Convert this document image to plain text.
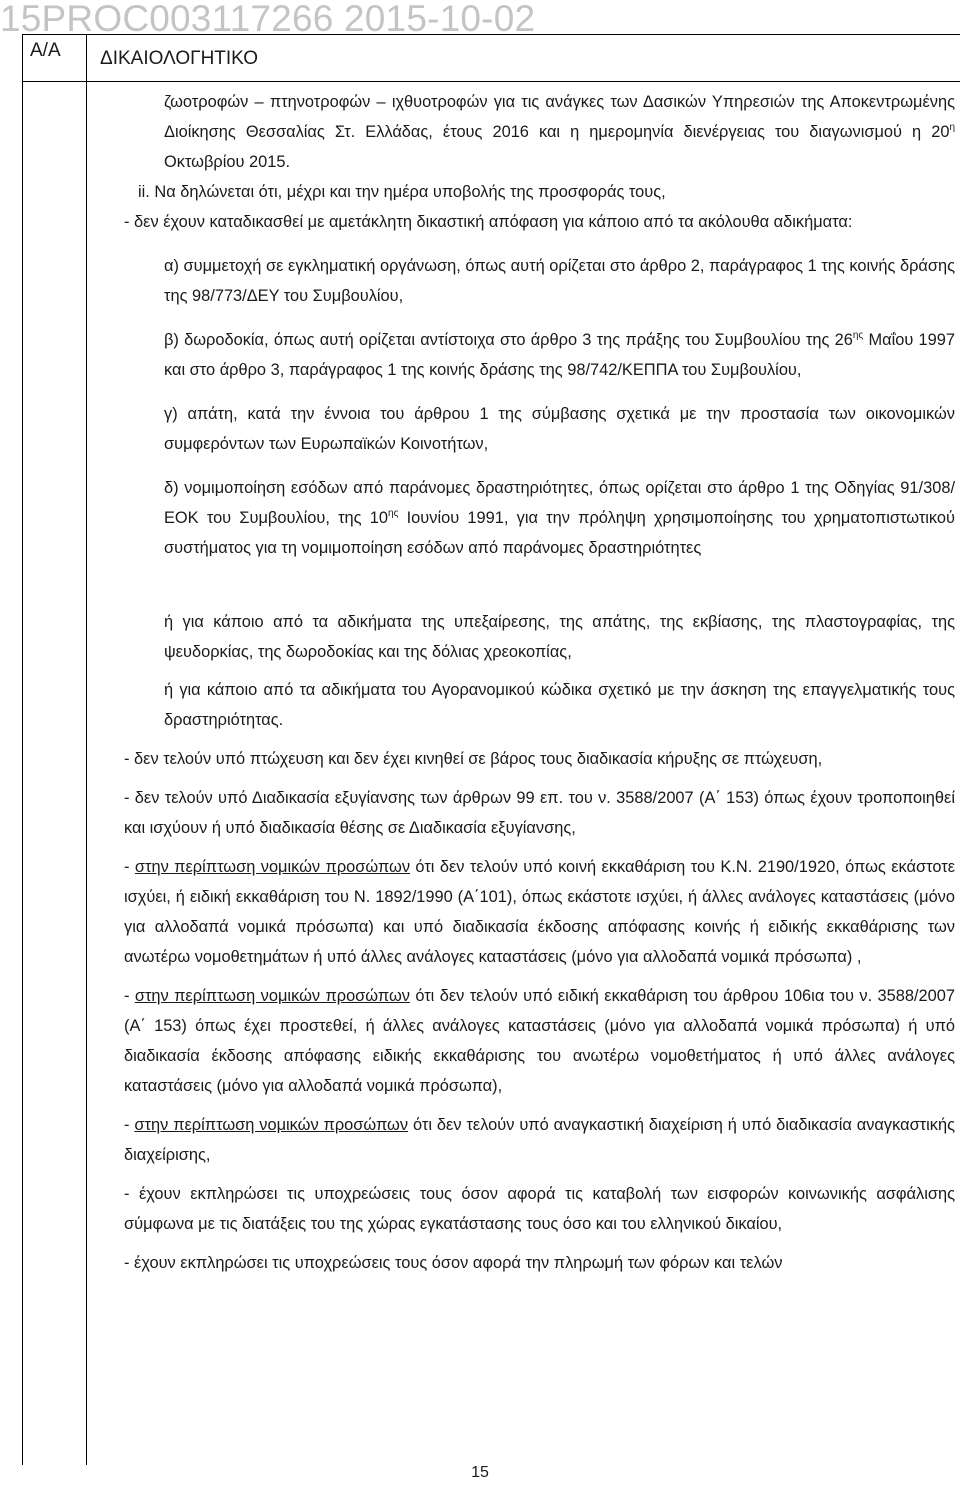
15PROC003117266 2015-10-02
Α/Α ΔΙΚΑΙΟΛΟΓΗΤΙΚΟ

ζωοτροφών – πτηνοτροφών – ιχθυοτροφών για τις ανάγκες των Δασικών Υπηρεσιών της Αποκεντρωμένης Διοίκησης Θεσσαλίας Στ. Ελλάδας, έτους 2016 και η ημερομηνία διενέργειας του διαγωνισμού η $20^\eta$ Οκτωβρίου 2015.

ii. Να δηλώνεται ότι, μέχρι και την ημέρα υποβολής της προσφοράς τους,

- δεν έχουν καταδικασθεί με αμετάκλητη δικαστική απόφαση για κάποιο από τα ακόλουθα αδικήματα:

α) συμμετοχή σε εγκληματική οργάνωση, όπως αυτή ορίζεται στο άρθρο 2, παράγραφος 1 της κοινής δράσης της 98/773/ΔΕΥ του Συμβουλίου,

β) δωροδοκία, όπως αυτή ορίζεται αντίστοιχα στο άρθρο 3 της πράξης του Συμβουλίου της $26^{\eta\varsigma}$ Μαΐου 1997 και στο άρθρο 3, παράγραφος 1 της κοινής δράσης της 98/742/ΚΕΠΠΑ του Συμβουλίου,

γ) απάτη, κατά την έννοια του άρθρου 1 της σύμβασης σχετικά με την προστασία των οικονομικών συμφερόντων των Ευρωπαϊκών Κοινοτήτων,

δ) νομιμοποίηση εσόδων από παράνομες δραστηριότητες, όπως ορίζεται στο άρθρο 1 της Οδηγίας 91/308/ΕΟΚ του Συμβουλίου, της $10^{\eta\varsigma}$ Ιουνίου 1991, για την πρόληψη χρησιμοποίησης του χρηματοπιστωτικού συστήματος για τη νομιμοποίηση εσόδων από παράνομες δραστηριότητες

ή για κάποιο από τα αδικήματα της υπεξαίρεσης, της απάτης, της εκβίασης, της πλαστογραφίας, της ψευδορκίας, της δωροδοκίας και της δόλιας χρεοκοπίας,

ή για κάποιο από τα αδικήματα του Αγορανομικού κώδικα σχετικό με την άσκηση της επαγγελματικής τους δραστηριότητας.

- δεν τελούν υπό πτώχευση και δεν έχει κινηθεί σε βάρος τους διαδικασία κήρυξης σε πτώχευση,

- δεν τελούν υπό Διαδικασία εξυγίανσης των άρθρων 99 επ. του ν. 3588/2007 (Α΄ 153) όπως έχουν τροποποιηθεί και ισχύουν ή υπό διαδικασία θέσης σε Διαδικασία εξυγίανσης,

- στην περίπτωση νομικών προσώπων ότι δεν τελούν υπό κοινή εκκαθάριση του Κ.Ν. 2190/1920, όπως εκάστοτε ισχύει, ή ειδική εκκαθάριση του Ν. 1892/1990 (Α΄101), όπως εκάστοτε ισχύει, ή άλλες ανάλογες καταστάσεις (μόνο για αλλοδαπά νομικά πρόσωπα) και υπό διαδικασία έκδοσης απόφασης κοινής ή ειδικής εκκαθάρισης των ανωτέρω νομοθετημάτων ή υπό άλλες ανάλογες καταστάσεις (μόνο για αλλοδαπά νομικά πρόσωπα) ,

- στην περίπτωση νομικών προσώπων ότι δεν τελούν υπό ειδική εκκαθάριση του άρθρου 106ια του ν. 3588/2007 (Α΄ 153) όπως έχει προστεθεί, ή άλλες ανάλογες καταστάσεις (μόνο για αλλοδαπά νομικά πρόσωπα) ή υπό διαδικασία έκδοσης απόφασης ειδικής εκκαθάρισης του ανωτέρω νομοθετήματος ή υπό άλλες ανάλογες καταστάσεις (μόνο για αλλοδαπά νομικά πρόσωπα),

- στην περίπτωση νομικών προσώπων ότι δεν τελούν υπό αναγκαστική διαχείριση ή υπό διαδικασία αναγκαστικής διαχείρισης,

- έχουν εκπληρώσει τις υποχρεώσεις τους όσον αφορά τις καταβολή των εισφορών κοινωνικής ασφάλισης σύμφωνα με τις διατάξεις του της χώρας εγκατάστασης τους όσο και του ελληνικού δικαίου,

- έχουν εκπληρώσει τις υποχρεώσεις τους όσον αφορά την πληρωμή των φόρων και τελών

15
